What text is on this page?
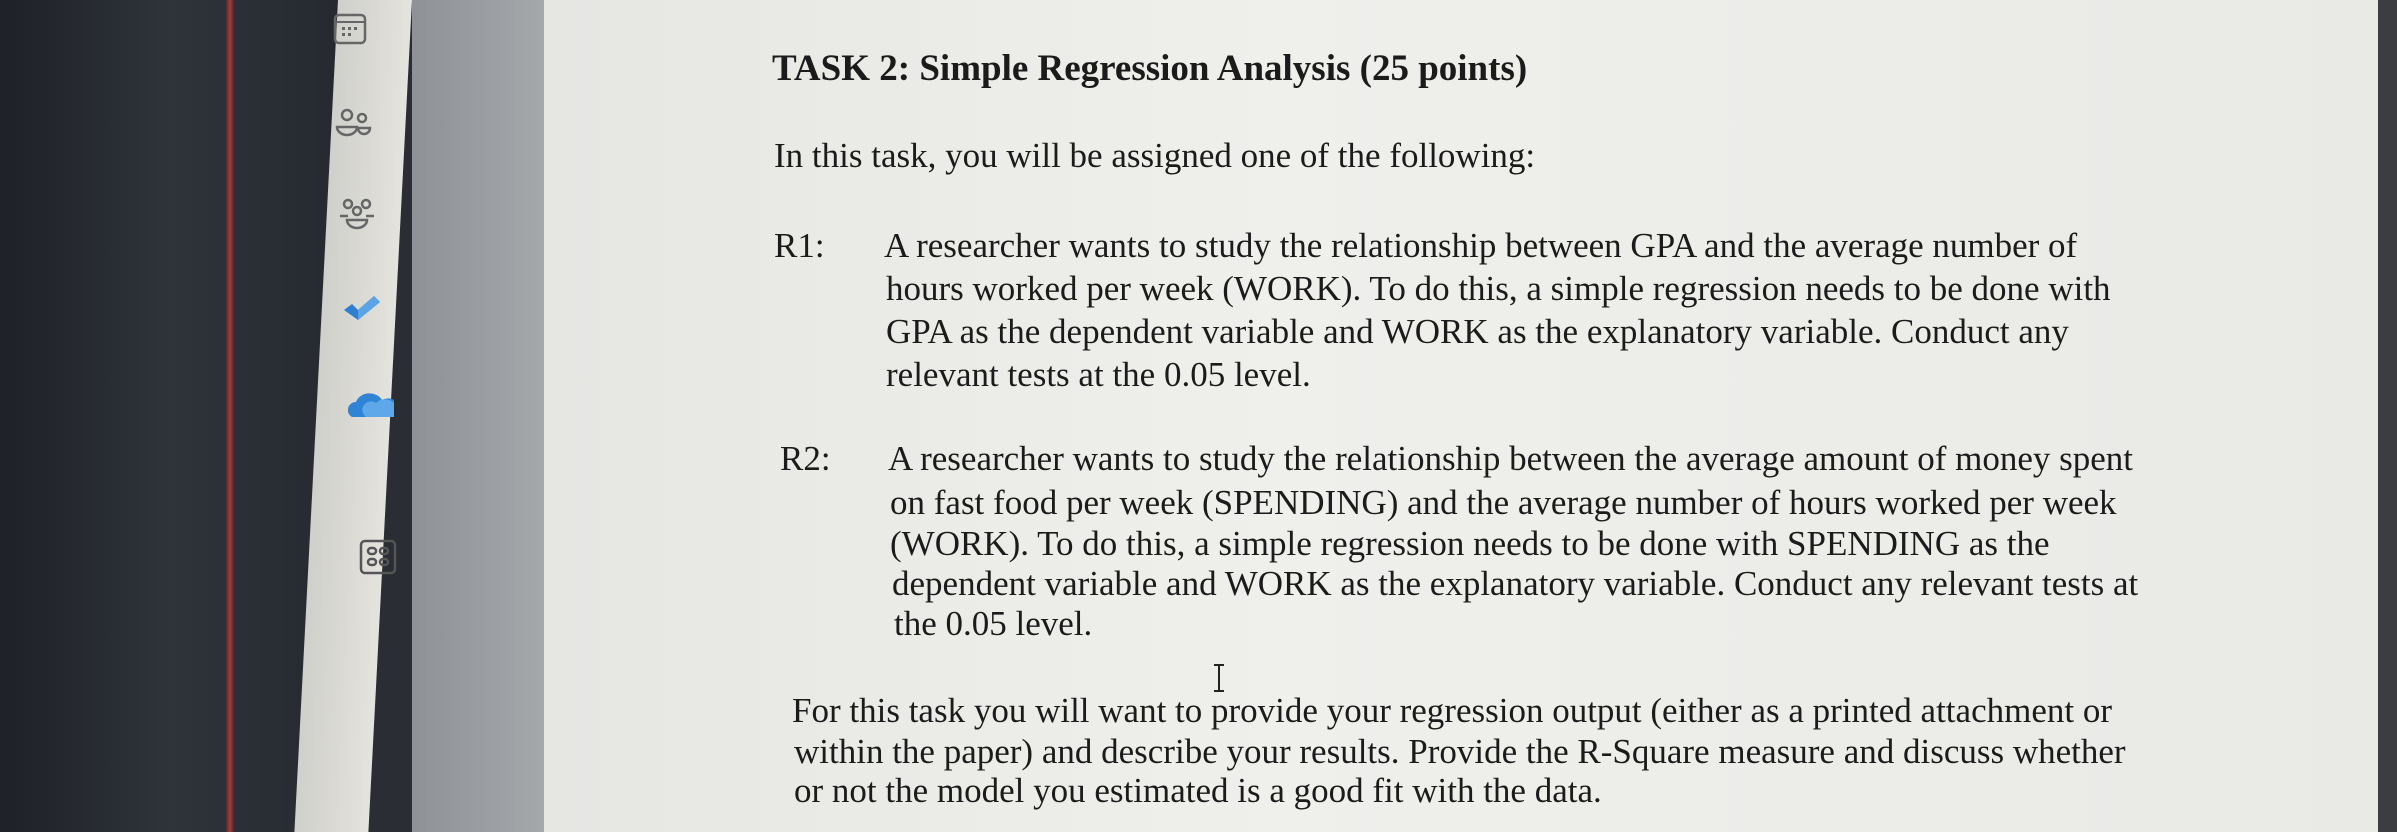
TASK 2: Simple Regression Analysis (25 points)
In this task, you will be assigned one of the following:
R1: A researcher wants to study the relationship between GPA and the average number of
hours worked per week (WORK). To do this, a simple regression needs to be done with
GPA as the dependent variable and WORK as the explanatory variable. Conduct any
relevant tests at the 0.05 level.
R2: A researcher wants to study the relationship between the average amount of money spent
on fast food per week (SPENDING) and the average number of hours worked per week
(WORK). To do this, a simple regression needs to be done with SPENDING as the
dependent variable and WORK as the explanatory variable. Conduct any relevant tests at
the 0.05 level.
For this task you will want to provide your regression output (either as a printed attachment or
within the paper) and describe your results. Provide the R-Square measure and discuss whether
or not the model you estimated is a good fit with the data.
